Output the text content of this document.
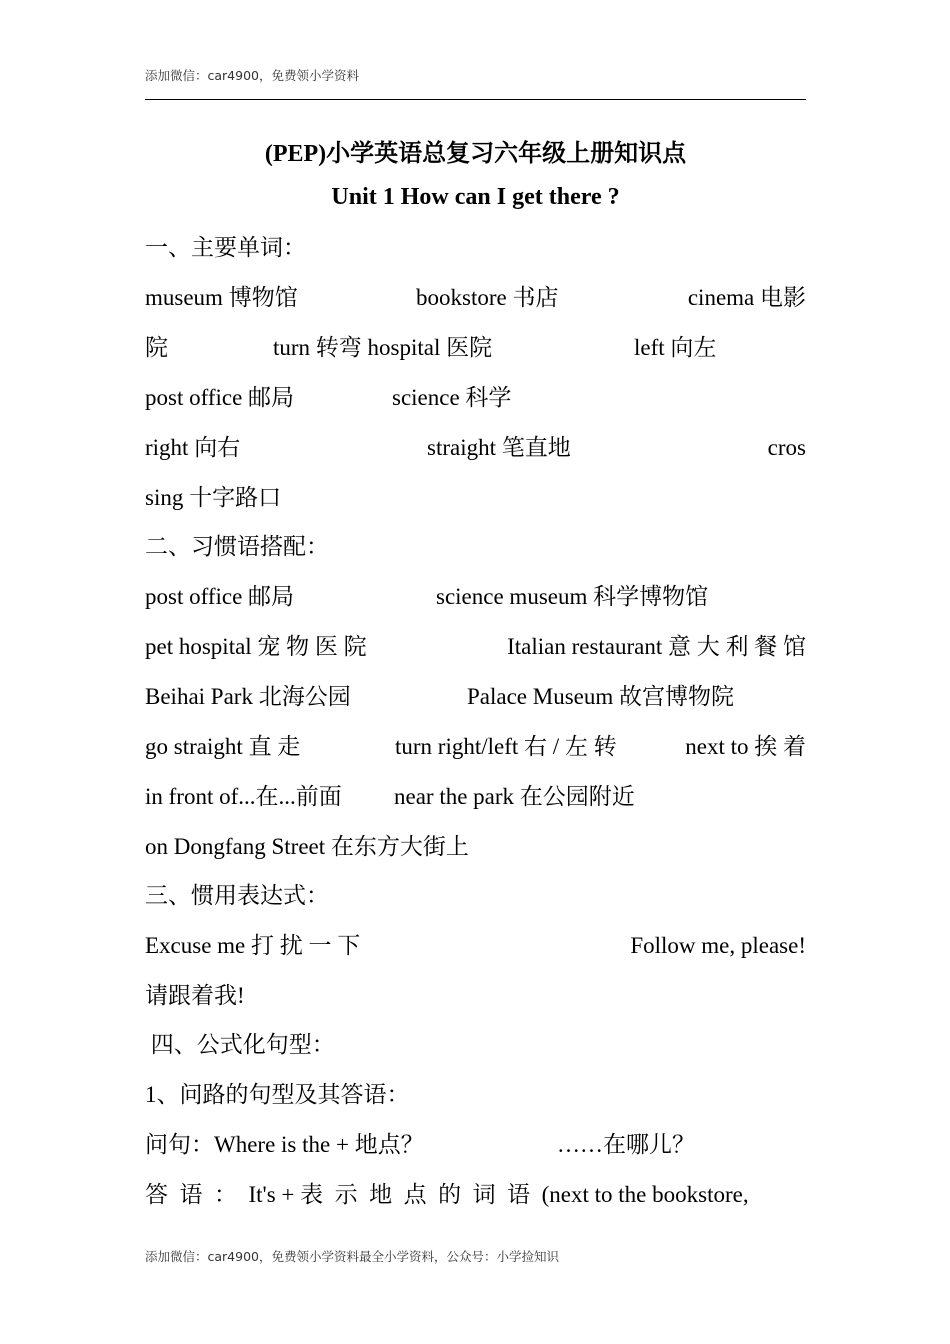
添加微信：car4900，免费领小学资料
(PEP)小学英语总复习六年级上册知识点
Unit 1 How can I get there ?
一、主要单词：
museum 博物馆	bookstore 书店	cinema 电影
院	turn 转弯 hospital 医院	left 向左
post office 邮局	science 科学
right 向右	straight 笔直地	cros
sing 十字路口
二、习惯语搭配：
post office 邮局	science museum 科学博物馆
pet hospital 宠 物 医 院	Italian restaurant 意 大 利 餐 馆
Beihai Park 北海公园	Palace Museum 故宫博物院
go straight 直 走	turn right/left 右 / 左 转	next to 挨 着
in front of...在...前面 near the park 在公园附近
on Dongfang Street 在东方大街上
三、惯用表达式：
Excuse me 打 扰 一 下	Follow me, please!
请跟着我!
四、公式化句型：
1、问路的句型及其答语：
问句：Where is the + 地点？	……在哪儿？
答  语  ：  It's + 表  示  地  点  的  词  语  (next to the bookstore,
添加微信：car4900，免费领小学资料最全小学资料，公众号：小学捡知识
